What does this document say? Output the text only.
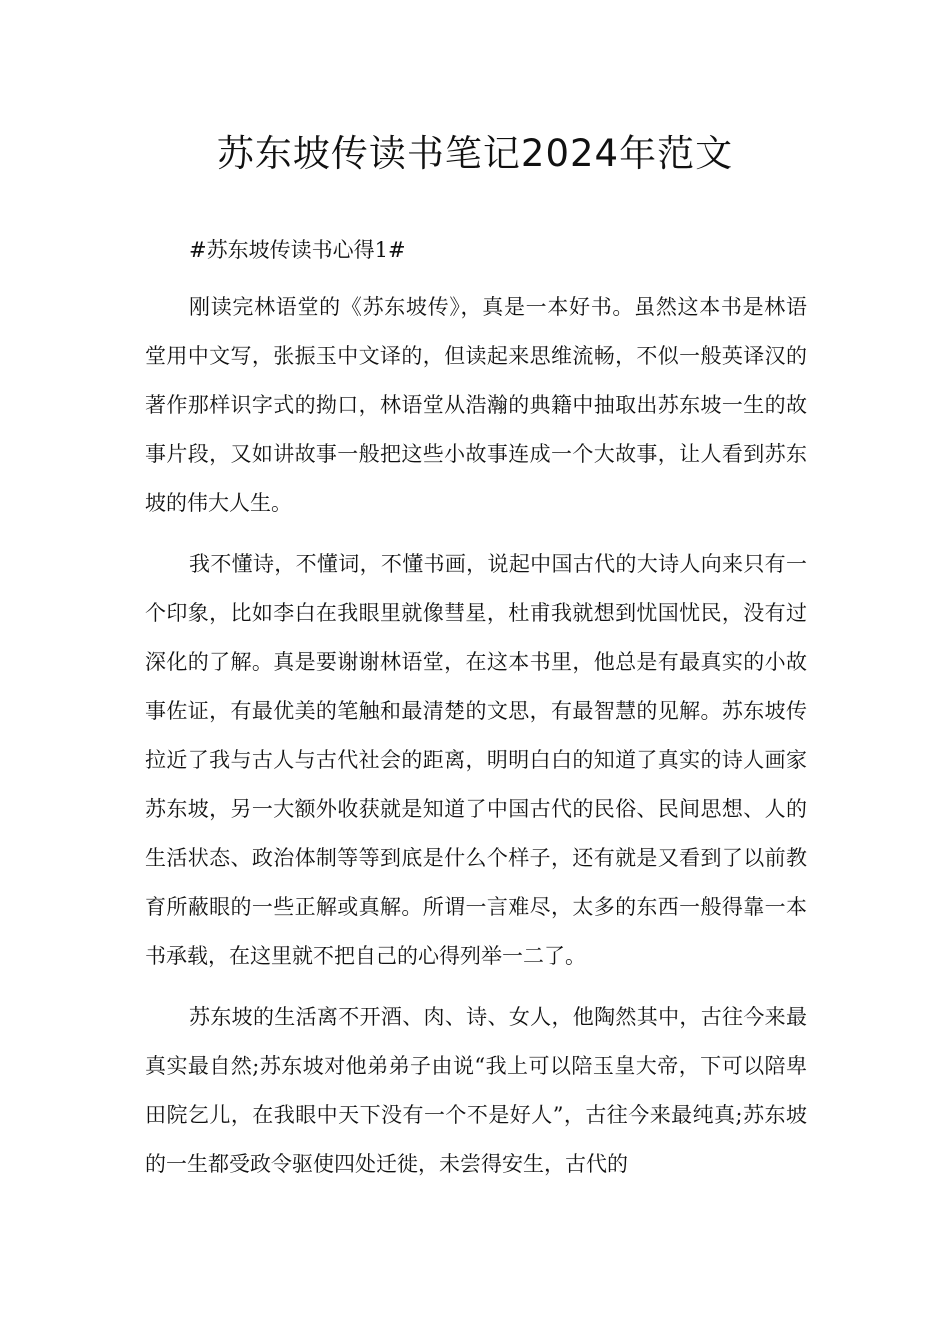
苏东坡传读书笔记2024年范文

#苏东坡传读书心得1#

刚读完林语堂的《苏东坡传》，真是一本好书。虽然这本书是林语堂用中文写，张振玉中文译的，但读起来思维流畅，不似一般英译汉的著作那样识字式的拗口，林语堂从浩瀚的典籍中抽取出苏东坡一生的故事片段，又如讲故事一般把这些小故事连成一个大故事，让人看到苏东坡的伟大人生。

我不懂诗，不懂词，不懂书画，说起中国古代的大诗人向来只有一个印象，比如李白在我眼里就像彗星，杜甫我就想到忧国忧民，没有过深化的了解。真是要谢谢林语堂，在这本书里，他总是有最真实的小故事佐证，有最优美的笔触和最清楚的文思，有最智慧的见解。苏东坡传拉近了我与古人与古代社会的距离，明明白白的知道了真实的诗人画家苏东坡，另一大额外收获就是知道了中国古代的民俗、民间思想、人的生活状态、政治体制等等到底是什么个样子，还有就是又看到了以前教育所蔽眼的一些正解或真解。所谓一言难尽，太多的东西一般得靠一本书承载，在这里就不把自己的心得列举一二了。

苏东坡的生活离不开酒、肉、诗、女人，他陶然其中，古往今来最真实最自然;苏东坡对他弟弟子由说“我上可以陪玉皇大帝，下可以陪卑田院乞儿，在我眼中天下没有一个不是好人”，古往今来最纯真;苏东坡的一生都受政令驱使四处迁徙，未尝得安生，古代的
